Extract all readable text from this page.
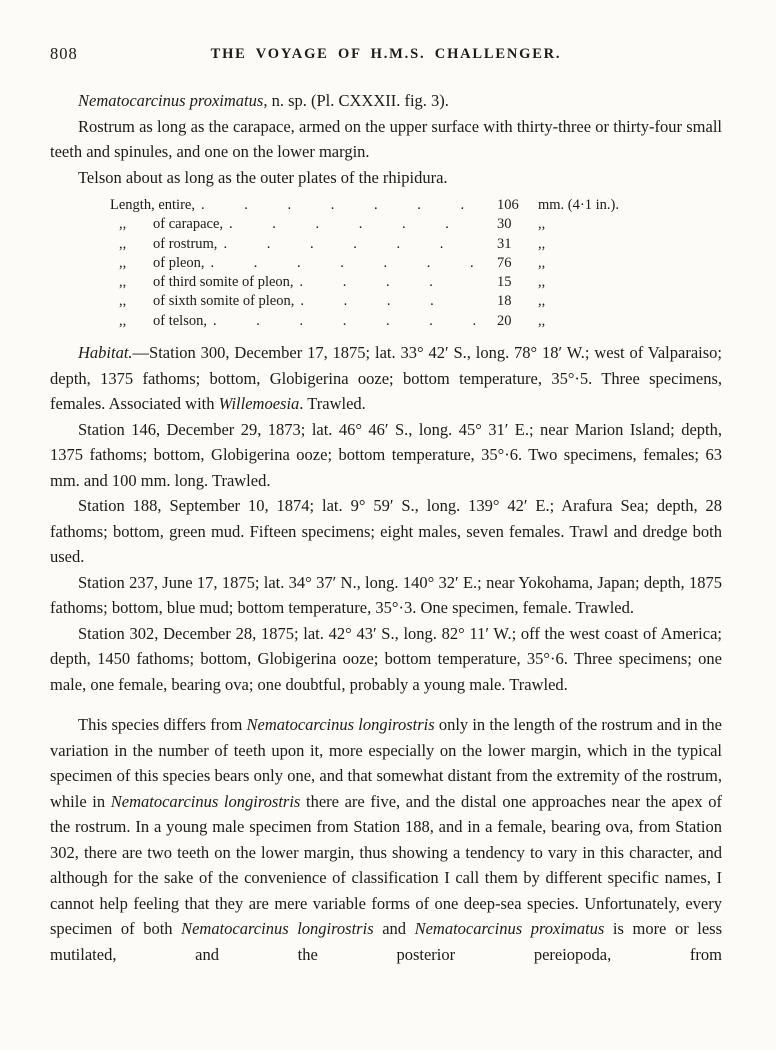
808	THE VOYAGE OF H.M.S. CHALLENGER.

Nematocarcinus proximatus, n. sp. (Pl. CXXXII. fig. 3).

Rostrum as long as the carapace, armed on the upper surface with thirty-three or thirty-four small teeth and spinules, and one on the lower margin.

Telson about as long as the outer plates of the rhipidura.

Length, entire, . . . . . . .	106	mm. (4·1 in.).
,,	of carapace, . . . . . .	30	,,
,,	of rostrum, . . . . . .	31	,,
,,	of pleon, . . . . . . .	76	,,
,,	of third somite of pleon, . . . .	15	,,
,,	of sixth somite of pleon, . . . .	18	,,
,,	of telson, . . . . . . .	20	,,

Habitat.—Station 300, December 17, 1875; lat. 33° 42′ S., long. 78° 18′ W.; west of Valparaiso; depth, 1375 fathoms; bottom, Globigerina ooze; bottom temperature, 35°·5. Three specimens, females. Associated with Willemoesia. Trawled.

Station 146, December 29, 1873; lat. 46° 46′ S., long. 45° 31′ E.; near Marion Island; depth, 1375 fathoms; bottom, Globigerina ooze; bottom temperature, 35°·6. Two specimens, females; 63 mm. and 100 mm. long. Trawled.

Station 188, September 10, 1874; lat. 9° 59′ S., long. 139° 42′ E.; Arafura Sea; depth, 28 fathoms; bottom, green mud. Fifteen specimens; eight males, seven females. Trawl and dredge both used.

Station 237, June 17, 1875; lat. 34° 37′ N., long. 140° 32′ E.; near Yokohama, Japan; depth, 1875 fathoms; bottom, blue mud; bottom temperature, 35°·3. One specimen, female. Trawled.

Station 302, December 28, 1875; lat. 42° 43′ S., long. 82° 11′ W.; off the west coast of America; depth, 1450 fathoms; bottom, Globigerina ooze; bottom temperature, 35°·6. Three specimens; one male, one female, bearing ova; one doubtful, probably a young male. Trawled.

This species differs from Nematocarcinus longirostris only in the length of the rostrum and in the variation in the number of teeth upon it, more especially on the lower margin, which in the typical specimen of this species bears only one, and that somewhat distant from the extremity of the rostrum, while in Nematocarcinus longirostris there are five, and the distal one approaches near the apex of the rostrum. In a young male specimen from Station 188, and in a female, bearing ova, from Station 302, there are two teeth on the lower margin, thus showing a tendency to vary in this character, and although for the sake of the convenience of classification I call them by different specific names, I cannot help feeling that they are mere variable forms of one deep-sea species. Unfortunately, every specimen of both Nematocarcinus longirostris and Nematocarcinus proximatus is more or less mutilated, and the posterior pereiopoda, from
